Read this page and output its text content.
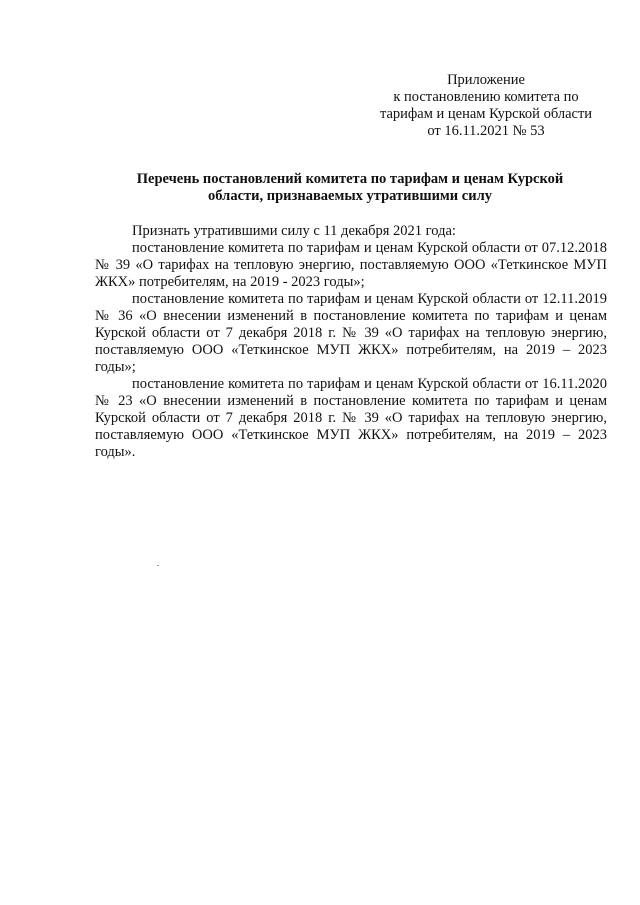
Приложение
к постановлению комитета по
тарифам и ценам Курской области
от 16.11.2021 № 53
Перечень постановлений комитета по тарифам и ценам Курской
области, признаваемых утратившими силу

Признать утратившими силу с 11 декабря 2021 года:

постановление комитета по тарифам и ценам Курской области от 07.12.2018 № 39 «О тарифах на тепловую энергию, поставляемую ООО «Теткинское МУП ЖКХ» потребителям, на 2019 - 2023 годы»;

постановление комитета по тарифам и ценам Курской области от 12.11.2019 № 36 «О внесении изменений в постановление комитета по тарифам и ценам Курской области от 7 декабря 2018 г. № 39 «О тарифах на тепловую энергию, поставляемую ООО «Теткинское МУП ЖКХ» потребителям, на 2019 – 2023 годы»;

постановление комитета по тарифам и ценам Курской области от 16.11.2020 № 23 «О внесении изменений в постановление комитета по тарифам и ценам Курской области от 7 декабря 2018 г. № 39 «О тарифах на тепловую энергию, поставляемую ООО «Теткинское МУП ЖКХ» потребителям, на 2019 – 2023 годы».
